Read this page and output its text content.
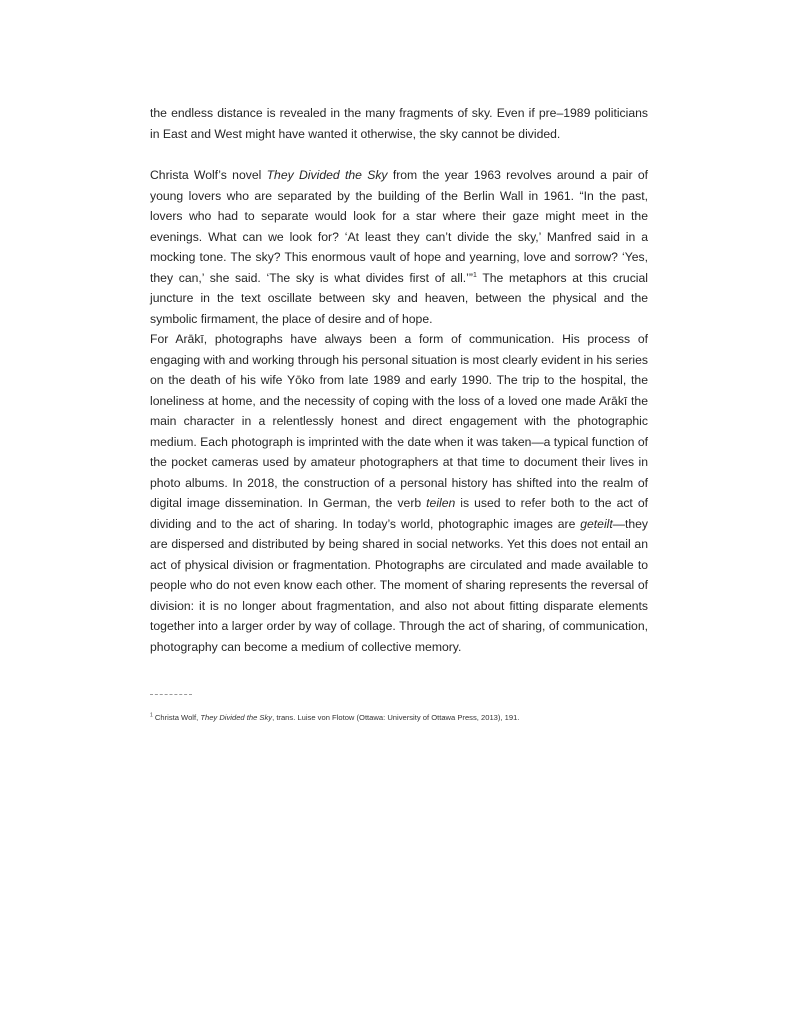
the endless distance is revealed in the many fragments of sky. Even if pre–1989 politicians in East and West might have wanted it otherwise, the sky cannot be divided.

Christa Wolf’s novel They Divided the Sky from the year 1963 revolves around a pair of young lovers who are separated by the building of the Berlin Wall in 1961. “In the past, lovers who had to separate would look for a star where their gaze might meet in the evenings. What can we look for? ‘At least they can’t divide the sky,’ Manfred said in a mocking tone. The sky? This enormous vault of hope and yearning, love and sorrow? ‘Yes, they can,’ she said. ‘The sky is what divides first of all.’”$^1$ The metaphors at this crucial juncture in the text oscillate between sky and heaven, between the physical and the symbolic firmament, the place of desire and of hope.

For Arākī, photographs have always been a form of communication. His process of engaging with and working through his personal situation is most clearly evident in his series on the death of his wife Yōko from late 1989 and early 1990. The trip to the hospital, the loneliness at home, and the necessity of coping with the loss of a loved one made Arākī the main character in a relentlessly honest and direct engagement with the photographic medium. Each photograph is imprinted with the date when it was taken—a typical function of the pocket cameras used by amateur photographers at that time to document their lives in photo albums. In 2018, the construction of a personal history has shifted into the realm of digital image dissemination. In German, the verb teilen is used to refer both to the act of dividing and to the act of sharing. In today’s world, photographic images are geteilt—they are dispersed and distributed by being shared in social networks. Yet this does not entail an act of physical division or fragmentation. Photographs are circulated and made available to people who do not even know each other. The moment of sharing represents the reversal of division: it is no longer about fragmentation, and also not about fitting disparate elements together into a larger order by way of collage. Through the act of sharing, of communication, photography can become a medium of collective memory.

$^1$ Christa Wolf, They Divided the Sky, trans. Luise von Flotow (Ottawa: University of Ottawa Press, 2013), 191.
